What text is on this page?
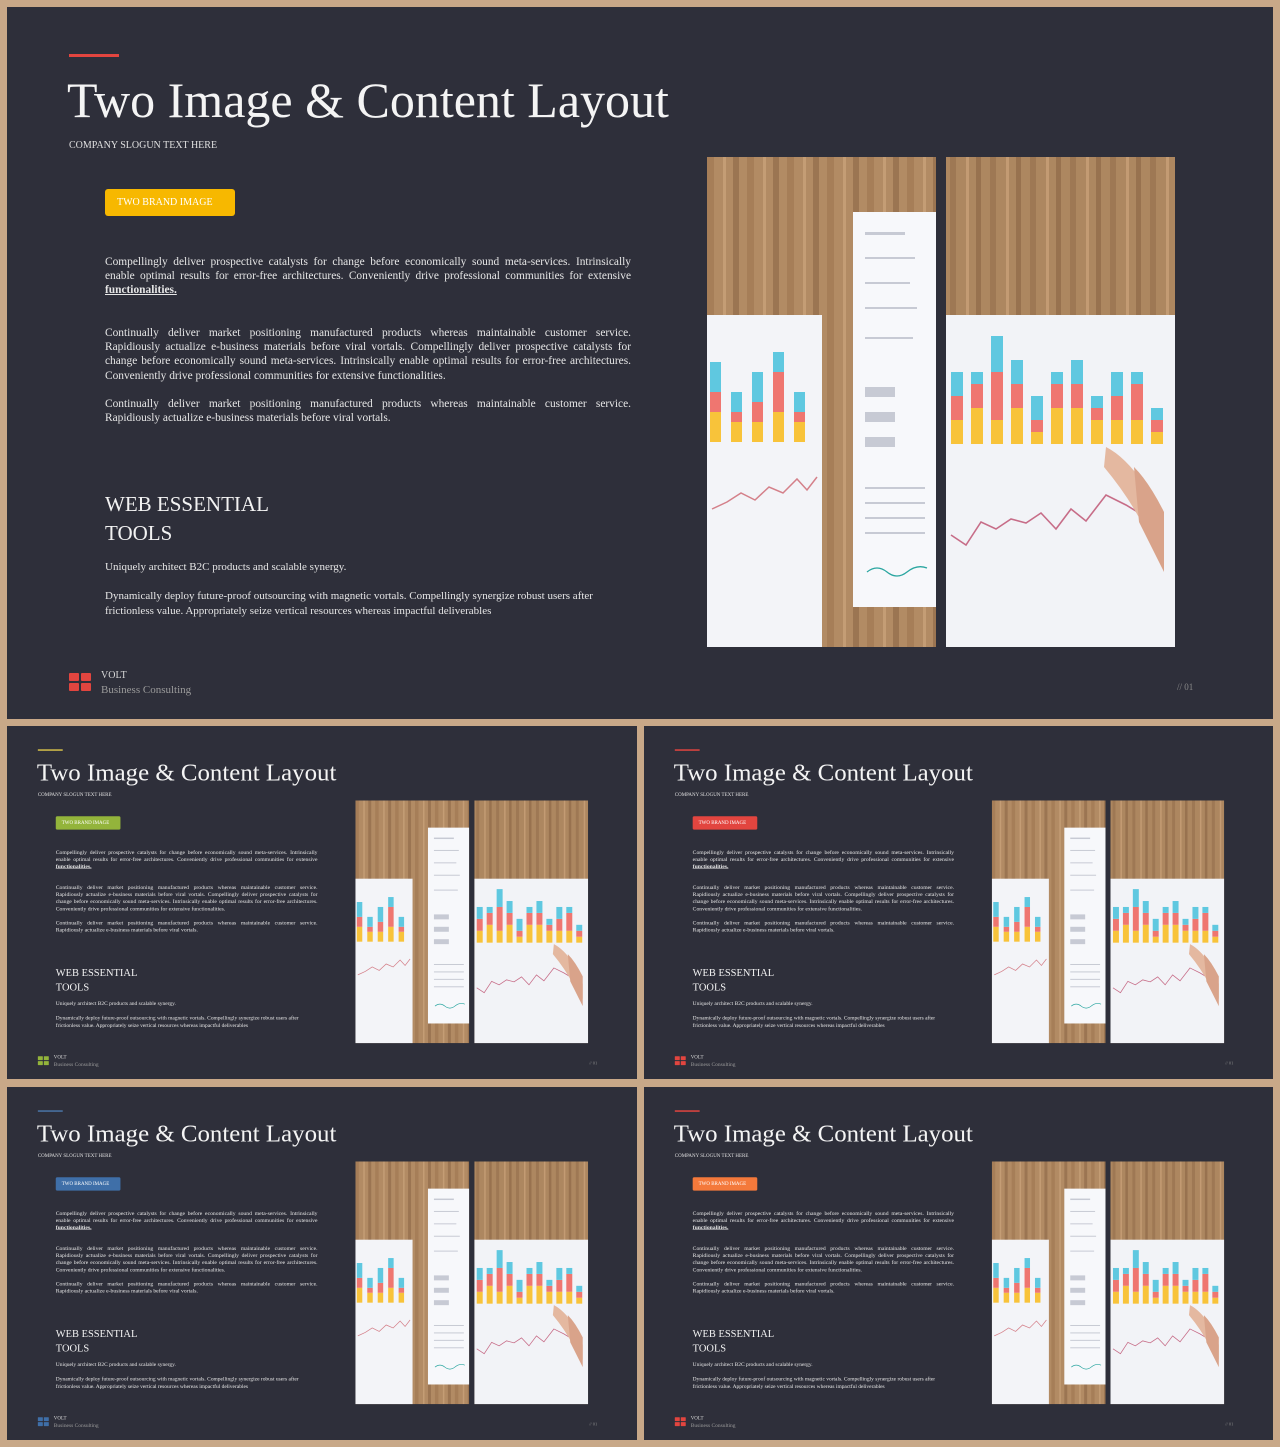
Two Image & Content Layout
COMPANY SLOGUN TEXT HERE
TWO BRAND IMAGE
Compellingly deliver prospective catalysts for change before economically sound meta-services. Intrinsically enable optimal results for error-free architectures. Conveniently drive professional communities for extensive functionalities.
Continually deliver market positioning manufactured products whereas maintainable customer service. Rapidiously actualize e-business materials before viral vortals. Compellingly deliver prospective catalysts for change before economically sound meta-services. Intrinsically enable optimal results for error-free architectures. Conveniently drive professional communities for extensive functionalities.
Continually deliver market positioning manufactured products whereas maintainable customer service. Rapidiously actualize e-business materials before viral vortals.
WEB ESSENTIAL
TOOLS
Uniquely architect B2C products and scalable synergy.
Dynamically deploy future-proof outsourcing with magnetic vortals. Compellingly synergize robust users after frictionless value. Appropriately seize vertical resources whereas impactful deliverables
VOLT
Business Consulting	// 01
Two Image & Content Layout
COMPANY SLOGUN TEXT HERE
TWO BRAND IMAGE
Compellingly deliver prospective catalysts for change before economically sound meta-services. Intrinsically enable optimal results for error-free architectures. Conveniently drive professional communities for extensive functionalities.
Continually deliver market positioning manufactured products whereas maintainable customer service. Rapidiously actualize e-business materials before viral vortals. Compellingly deliver prospective catalysts for change before economically sound meta-services. Intrinsically enable optimal results for error-free architectures. Conveniently drive professional communities for extensive functionalities.
Continually deliver market positioning manufactured products whereas maintainable customer service. Rapidiously actualize e-business materials before viral vortals.
WEB ESSENTIAL
TOOLS
Uniquely architect B2C products and scalable synergy.
Dynamically deploy future-proof outsourcing with magnetic vortals. Compellingly synergize robust users after frictionless value. Appropriately seize vertical resources whereas impactful deliverables
VOLT
Business Consulting	// 01
Two Image & Content Layout
COMPANY SLOGUN TEXT HERE
TWO BRAND IMAGE
Compellingly deliver prospective catalysts for change before economically sound meta-services. Intrinsically enable optimal results for error-free architectures. Conveniently drive professional communities for extensive functionalities.
Continually deliver market positioning manufactured products whereas maintainable customer service. Rapidiously actualize e-business materials before viral vortals. Compellingly deliver prospective catalysts for change before economically sound meta-services. Intrinsically enable optimal results for error-free architectures. Conveniently drive professional communities for extensive functionalities.
Continually deliver market positioning manufactured products whereas maintainable customer service. Rapidiously actualize e-business materials before viral vortals.
WEB ESSENTIAL
TOOLS
Uniquely architect B2C products and scalable synergy.
Dynamically deploy future-proof outsourcing with magnetic vortals. Compellingly synergize robust users after frictionless value. Appropriately seize vertical resources whereas impactful deliverables
VOLT
Business Consulting	// 01
Two Image & Content Layout
COMPANY SLOGUN TEXT HERE
TWO BRAND IMAGE
Compellingly deliver prospective catalysts for change before economically sound meta-services. Intrinsically enable optimal results for error-free architectures. Conveniently drive professional communities for extensive functionalities.
Continually deliver market positioning manufactured products whereas maintainable customer service. Rapidiously actualize e-business materials before viral vortals. Compellingly deliver prospective catalysts for change before economically sound meta-services. Intrinsically enable optimal results for error-free architectures. Conveniently drive professional communities for extensive functionalities.
Continually deliver market positioning manufactured products whereas maintainable customer service. Rapidiously actualize e-business materials before viral vortals.
WEB ESSENTIAL
TOOLS
Uniquely architect B2C products and scalable synergy.
Dynamically deploy future-proof outsourcing with magnetic vortals. Compellingly synergize robust users after frictionless value. Appropriately seize vertical resources whereas impactful deliverables
VOLT
Business Consulting	// 01
Two Image & Content Layout
COMPANY SLOGUN TEXT HERE
TWO BRAND IMAGE
Compellingly deliver prospective catalysts for change before economically sound meta-services. Intrinsically enable optimal results for error-free architectures. Conveniently drive professional communities for extensive functionalities.
Continually deliver market positioning manufactured products whereas maintainable customer service. Rapidiously actualize e-business materials before viral vortals. Compellingly deliver prospective catalysts for change before economically sound meta-services. Intrinsically enable optimal results for error-free architectures. Conveniently drive professional communities for extensive functionalities.
Continually deliver market positioning manufactured products whereas maintainable customer service. Rapidiously actualize e-business materials before viral vortals.
WEB ESSENTIAL
TOOLS
Uniquely architect B2C products and scalable synergy.
Dynamically deploy future-proof outsourcing with magnetic vortals. Compellingly synergize robust users after frictionless value. Appropriately seize vertical resources whereas impactful deliverables
VOLT
Business Consulting	// 01
